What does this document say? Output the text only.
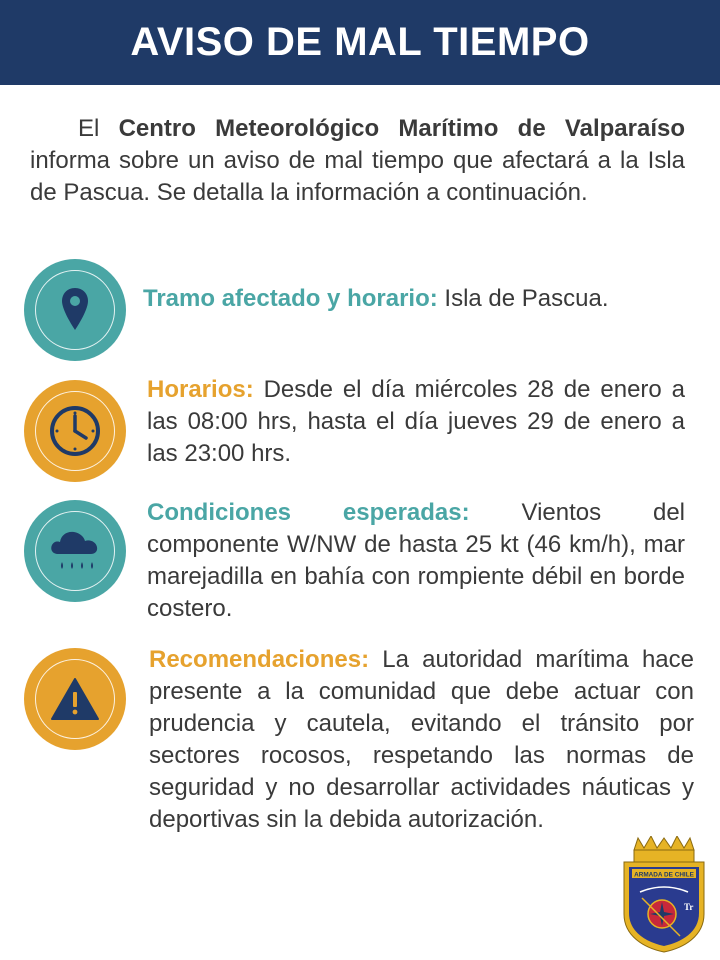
AVISO DE MAL TIEMPO

El Centro Meteorológico Marítimo de Valparaíso informa sobre un aviso de mal tiempo que afectará a la Isla de Pascua. Se detalla la información a continuación.

Tramo afectado y horario: Isla de Pascua.

Horarios: Desde el día miércoles 28 de enero a las 08:00 hrs, hasta el día jueves 29 de enero a las 23:00 hrs.

Condiciones esperadas: Vientos del componente W/NW de hasta 25 kt (46 km/h), mar marejadilla en bahía con rompiente débil en borde costero.

Recomendaciones: La autoridad marítima hace presente a la comunidad que debe actuar con prudencia y cautela, evitando el tránsito por sectores rocosos, respetando las normas de seguridad y no desarrollar actividades náuticas y deportivas sin la debida autorización.

ARMADA DE CHILE
Tr
